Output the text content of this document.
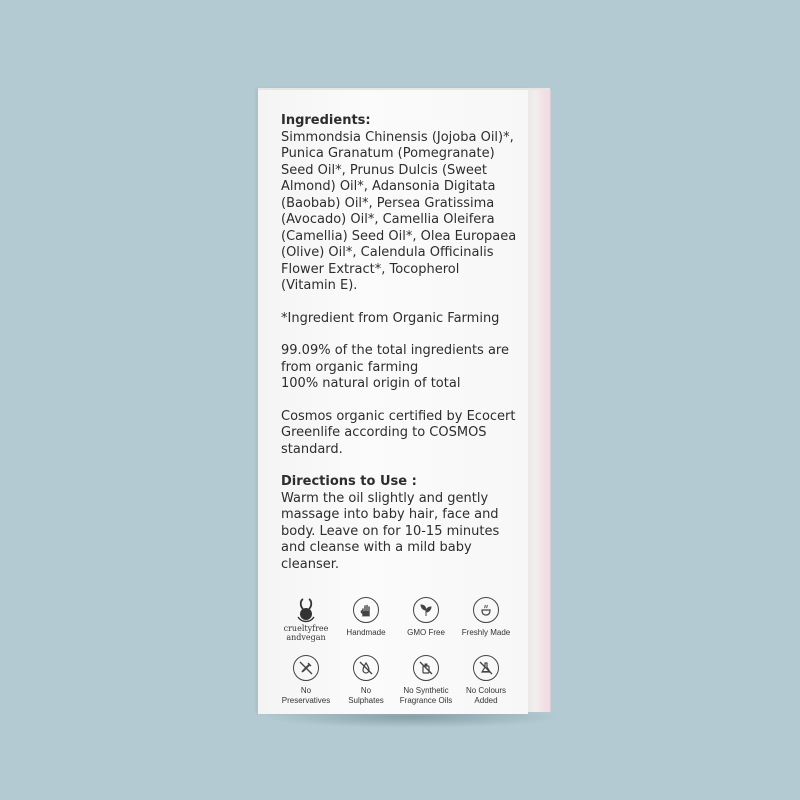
Ingredients:

Simmondsia Chinensis (Jojoba Oil)*,
Punica Granatum (Pomegranate)
Seed Oil*, Prunus Dulcis (Sweet
Almond) Oil*, Adansonia Digitata
(Baobab) Oil*, Persea Gratissima
(Avocado) Oil*, Camellia Oleifera
(Camellia) Seed Oil*, Olea Europaea
(Olive) Oil*, Calendula Officinalis
Flower Extract*, Tocopherol
(Vitamin E).

*Ingredient from Organic Farming

99.09% of the total ingredients are
from organic farming
100% natural origin of total

Cosmos organic certified by Ecocert
Greenlife according to COSMOS
standard.

Directions to Use :

Warm the oil slightly and gently
massage into baby hair, face and
body. Leave on for 10-15 minutes
and cleanse with a mild baby
cleanser.

crueltyfree
andvegan	Handmade	GMO Free Freshly Made
No
Preservatives
No
Sulphates
No Synthetic
Fragrance Oils
No Colours
Added
